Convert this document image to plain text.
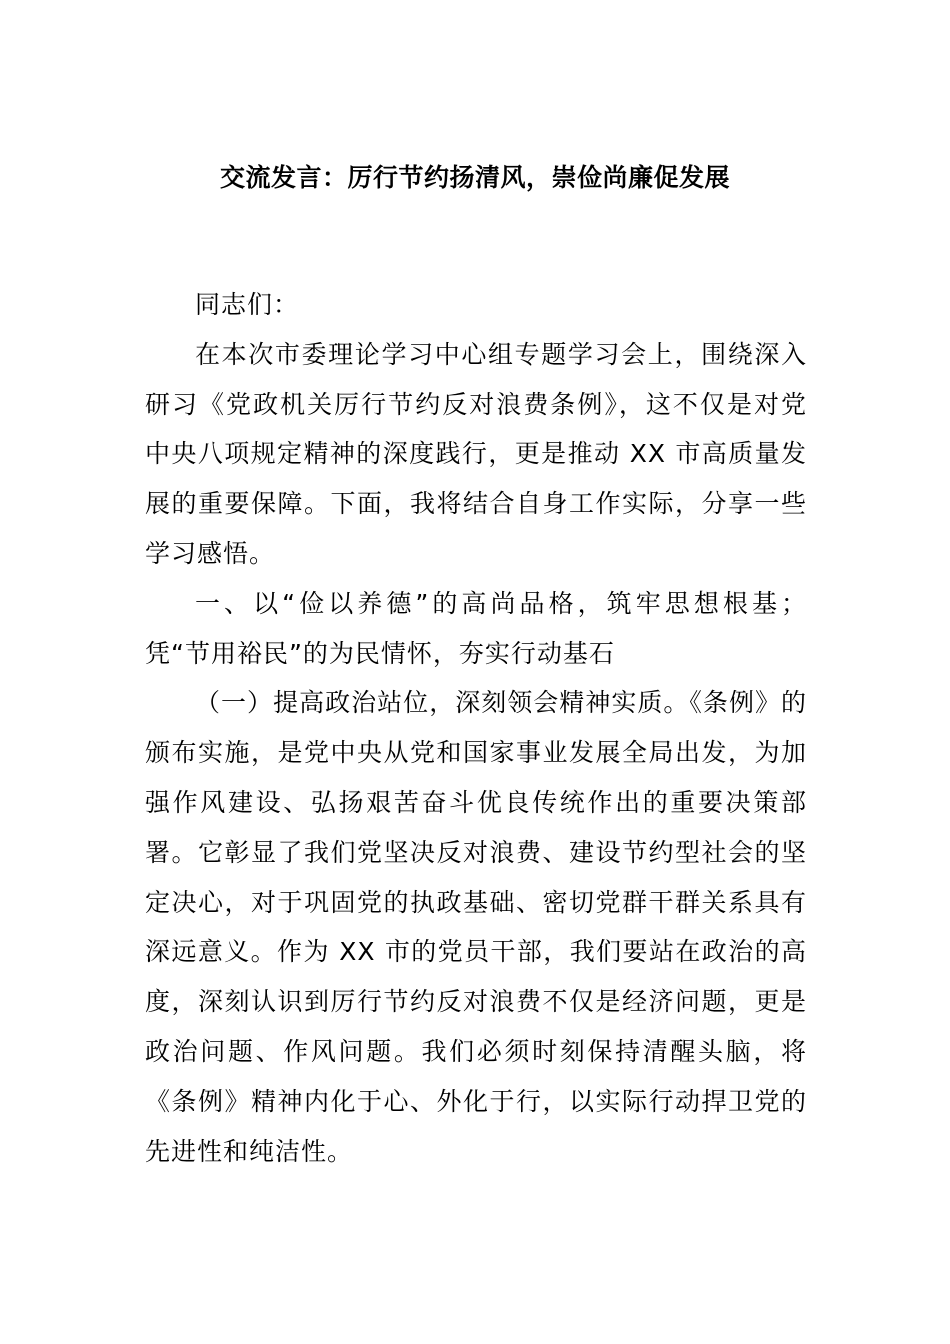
交流发言：厉行节约扬清风，崇俭尚廉促发展

同志们：

在本次市委理论学习中心组专题学习会上，围绕深入研习《党政机关厉行节约反对浪费条例》，这不仅是对党中央八项规定精神的深度践行，更是推动 XX 市高质量发展的重要保障。下面，我将结合自身工作实际，分享一些学习感悟。

一、以“俭以养德”的高尚品格，筑牢思想根基；凭“节用裕民”的为民情怀，夯实行动基石

（一）提高政治站位，深刻领会精神实质。《条例》的颁布实施，是党中央从党和国家事业发展全局出发，为加强作风建设、弘扬艰苦奋斗优良传统作出的重要决策部署。它彰显了我们党坚决反对浪费、建设节约型社会的坚定决心，对于巩固党的执政基础、密切党群干群关系具有深远意义。作为 XX 市的党员干部，我们要站在政治的高度，深刻认识到厉行节约反对浪费不仅是经济问题，更是政治问题、作风问题。我们必须时刻保持清醒头脑，将《条例》精神内化于心、外化于行，以实际行动捍卫党的先进性和纯洁性。
